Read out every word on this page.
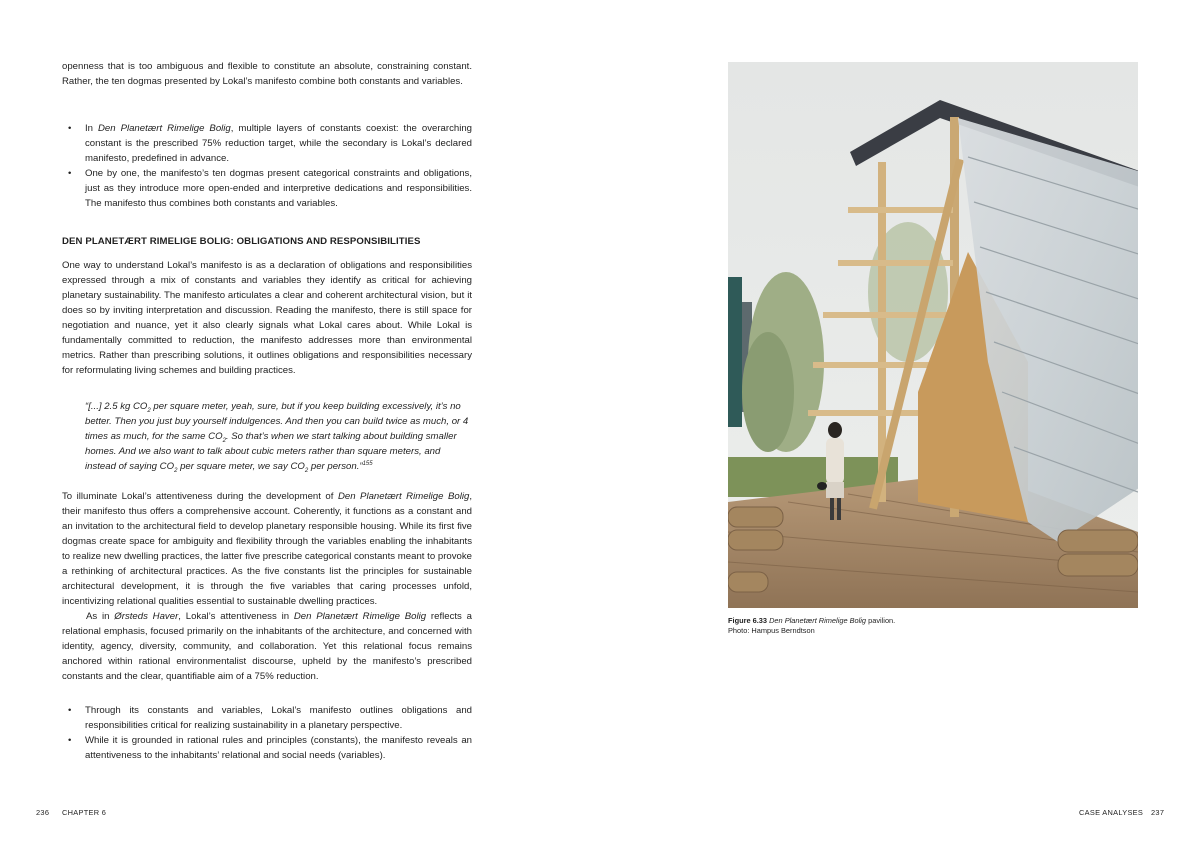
openness that is too ambiguous and flexible to constitute an absolute, constraining constant. Rather, the ten dogmas presented by Lokal’s manifesto combine both constants and variables.

• In Den Planetært Rimelige Bolig, multiple layers of constants coexist: the overarching constant is the prescribed 75% reduction target, while the secondary is Lokal’s declared manifesto, predefined in advance.
• One by one, the manifesto’s ten dogmas present categorical constraints and obligations, just as they introduce more open-ended and interpretive dedications and responsibilities. The manifesto thus combines both constants and variables.
DEN PLANETÆRT RIMELIGE BOLIG: OBLIGATIONS AND RESPONSIBILITIES

One way to understand Lokal’s manifesto is as a declaration of obligations and responsibilities expressed through a mix of constants and variables they identify as critical for achieving planetary sustainability. The manifesto articulates a clear and coherent architectural vision, but it does so by inviting interpretation and discussion. Reading the manifesto, there is still space for negotiation and nuance, yet it also clearly signals what Lokal cares about. While Lokal is fundamentally committed to reduction, the manifesto addresses more than environmental metrics. Rather than prescribing solutions, it outlines obligations and responsibilities necessary for reformulating living schemes and building practices.

“[...] 2.5 kg $CO_2$ per square meter, yeah, sure, but if you keep building excessively, it’s no better. Then you just buy yourself indulgences. And then you can build twice as much, or 4 times as much, for the same $CO_2$. So that’s when we start talking about building smaller homes. And we also want to talk about cubic meters rather than square meters, and instead of saying $CO_2$ per square meter, we say $CO_2$ per person.”$^{155}$

To illuminate Lokal’s attentiveness during the development of Den Planetært Rimelige Bolig, their manifesto thus offers a comprehensive account. Coherently, it functions as a constant and an invitation to the architectural field to develop planetary responsible housing. While its first five dogmas create space for ambiguity and flexibility through the variables enabling the inhabitants to realize new dwelling practices, the latter five prescribe categorical constants meant to provoke a rethinking of architectural practices. As the five constants list the principles for sustainable architectural development, it is through the five variables that caring processes unfold, incentivizing relational qualities essential to sustainable dwelling practices.

As in Ørsteds Haver, Lokal’s attentiveness in Den Planetært Rimelige Bolig reflects a relational emphasis, focused primarily on the inhabitants of the architecture, and concerned with identity, agency, diversity, community, and collaboration. Yet this relational focus remains anchored within rational environmentalist discourse, upheld by the manifesto’s prescribed constants and the clear, quantifiable aim of a 75% reduction.

• Through its constants and variables, Lokal’s manifesto outlines obligations and responsibilities critical for realizing sustainability in a planetary perspective.
• While it is grounded in rational rules and principles (constants), the manifesto reveals an attentiveness to the inhabitants’ relational and social needs (variables).
Figure 6.33 Den Planetært Rimelige Bolig pavilion.
Photo: Hampus Berndtson
236 CHAPTER 6	CASE ANALYSES 237
